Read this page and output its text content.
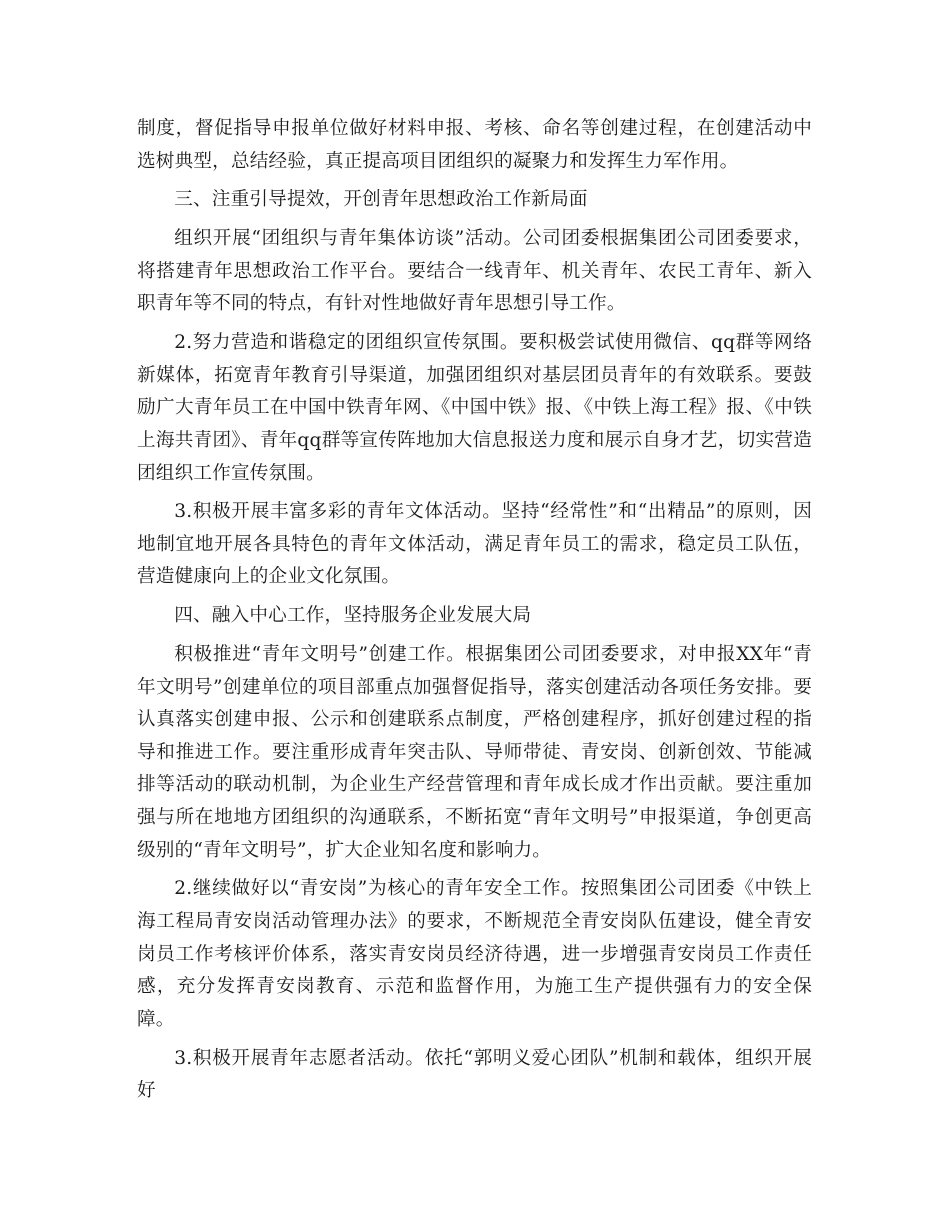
制度，督促指导申报单位做好材料申报、考核、命名等创建过程，在创建活动中选树典型，总结经验，真正提高项目团组织的凝聚力和发挥生力军作用。

三、注重引导提效，开创青年思想政治工作新局面

组织开展“团组织与青年集体访谈”活动。公司团委根据集团公司团委要求，将搭建青年思想政治工作平台。要结合一线青年、机关青年、农民工青年、新入职青年等不同的特点，有针对性地做好青年思想引导工作。

2.努力营造和谐稳定的团组织宣传氛围。要积极尝试使用微信、qq群等网络新媒体，拓宽青年教育引导渠道，加强团组织对基层团员青年的有效联系。要鼓励广大青年员工在中国中铁青年网、《中国中铁》报、《中铁上海工程》报、《中铁上海共青团》、青年qq群等宣传阵地加大信息报送力度和展示自身才艺，切实营造团组织工作宣传氛围。

3.积极开展丰富多彩的青年文体活动。坚持“经常性”和“出精品”的原则，因地制宜地开展各具特色的青年文体活动，满足青年员工的需求，稳定员工队伍，营造健康向上的企业文化氛围。

四、融入中心工作，坚持服务企业发展大局

积极推进“青年文明号”创建工作。根据集团公司团委要求，对申报XX年“青年文明号”创建单位的项目部重点加强督促指导，落实创建活动各项任务安排。要认真落实创建申报、公示和创建联系点制度，严格创建程序，抓好创建过程的指导和推进工作。要注重形成青年突击队、导师带徒、青安岗、创新创效、节能减排等活动的联动机制，为企业生产经营管理和青年成长成才作出贡献。要注重加强与所在地地方团组织的沟通联系，不断拓宽“青年文明号”申报渠道，争创更高级别的“青年文明号”，扩大企业知名度和影响力。

2.继续做好以“青安岗”为核心的青年安全工作。按照集团公司团委《中铁上海工程局青安岗活动管理办法》的要求，不断规范全青安岗队伍建设，健全青安岗员工作考核评价体系，落实青安岗员经济待遇，进一步增强青安岗员工作责任感，充分发挥青安岗教育、示范和监督作用，为施工生产提供强有力的安全保障。

3.积极开展青年志愿者活动。依托“郭明义爱心团队”机制和载体，组织开展好
